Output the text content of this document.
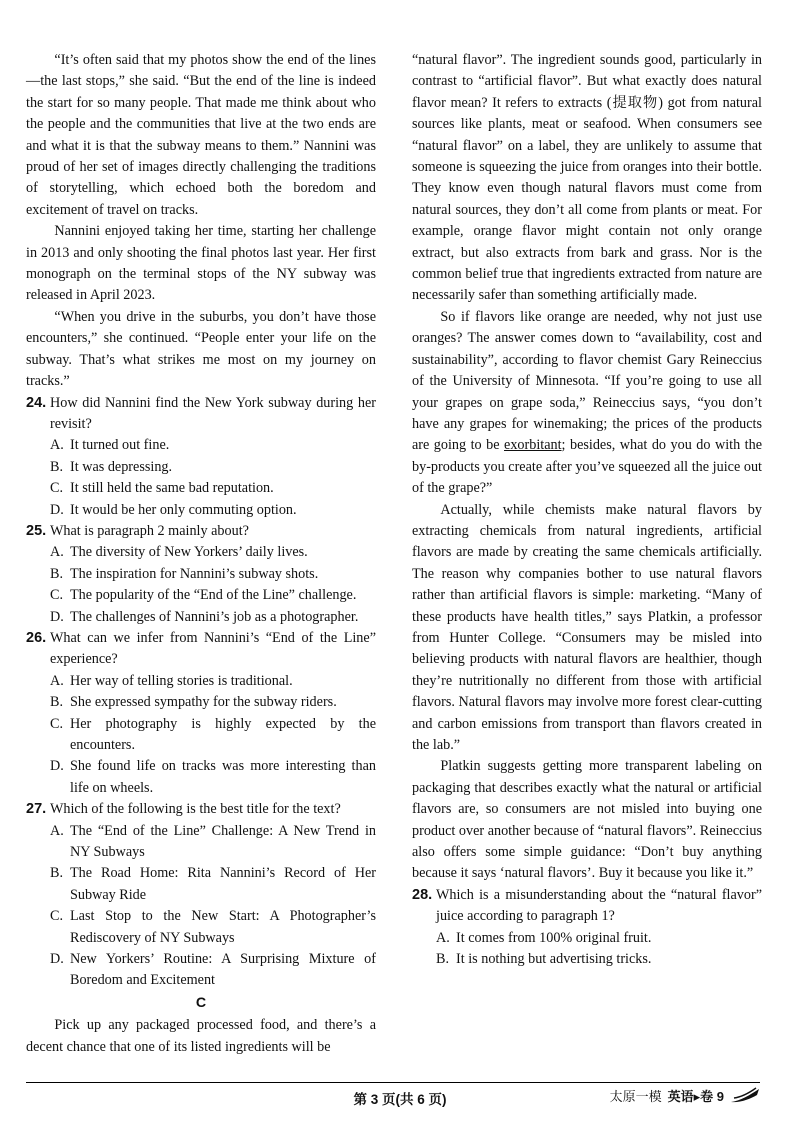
“It’s often said that my photos show the end of the lines—the last stops,” she said. “But the end of the line is indeed the start for so many people. That made me think about who the people and the communities that live at the two ends are and what it is that the subway means to them.” Nannini was proud of her set of images directly challenging the traditions of storytelling, which echoed both the boredom and excitement of travel on tracks.

Nannini enjoyed taking her time, starting her challenge in 2013 and only shooting the final photos last year. Her first monograph on the terminal stops of the NY subway was released in April 2023.

“When you drive in the suburbs, you don’t have those encounters,” she continued. “People enter your life on the subway. That’s what strikes me most on my journey on tracks.”

24. How did Nannini find the New York subway during her revisit?
A. It turned out fine.
B. It was depressing.
C. It still held the same bad reputation.
D. It would be her only commuting option.
25. What is paragraph 2 mainly about?
A. The diversity of New Yorkers’ daily lives.
B. The inspiration for Nannini’s subway shots.
C. The popularity of the “End of the Line” challenge.
D. The challenges of Nannini’s job as a photographer.
26. What can we infer from Nannini’s “End of the Line” experience?
A. Her way of telling stories is traditional.
B. She expressed sympathy for the subway riders.
C. Her photography is highly expected by the encounters.
D. She found life on tracks was more interesting than life on wheels.
27. Which of the following is the best title for the text?
A. The “End of the Line” Challenge: A New Trend in NY Subways
B. The Road Home: Rita Nannini’s Record of Her Subway Ride
C. Last Stop to the New Start: A Photographer’s Rediscovery of NY Subways
D. New Yorkers’ Routine: A Surprising Mixture of Boredom and Excitement
C

Pick up any packaged processed food, and there’s a decent chance that one of its listed ingredients will be

“natural flavor”. The ingredient sounds good, particularly in contrast to “artificial flavor”. But what exactly does natural flavor mean? It refers to extracts (提取物) got from natural sources like plants, meat or seafood. When consumers see “natural flavor” on a label, they are unlikely to assume that someone is squeezing the juice from oranges into their bottle. They know even though natural flavors must come from natural sources, they don’t all come from plants or meat. For example, orange flavor might contain not only orange extract, but also extracts from bark and grass. Nor is the common belief true that ingredients extracted from nature are necessarily safer than something artificially made.

So if flavors like orange are needed, why not just use oranges? The answer comes down to “availability, cost and sustainability”, according to flavor chemist Gary Reineccius of the University of Minnesota. “If you’re going to use all your grapes on grape soda,” Reineccius says, “you don’t have any grapes for winemaking; the prices of the products are going to be exorbitant; besides, what do you do with the by-products you create after you’ve squeezed all the juice out of the grape?”

Actually, while chemists make natural flavors by extracting chemicals from natural ingredients, artificial flavors are made by creating the same chemicals artificially. The reason why companies bother to use natural flavors rather than artificial flavors is simple: marketing. “Many of these products have health titles,” says Platkin, a professor from Hunter College. “Consumers may be misled into believing products with natural flavors are healthier, though they’re nutritionally no different from those with artificial flavors. Natural flavors may involve more forest clear-cutting and carbon emissions from transport than flavors created in the lab.”

Platkin suggests getting more transparent labeling on packaging that describes exactly what the natural or artificial flavors are, so consumers are not misled into buying one product over another because of “natural flavors”. Reineccius also offers some simple guidance: “Don’t buy anything because it says ‘natural flavors’. Buy it because you like it.”

28. Which is a misunderstanding about the “natural flavor” juice according to paragraph 1?
A. It comes from 100% original fruit.
B. It is nothing but advertising tricks.
第 3 页(共 6 页)	太原一模 英语▸卷 9
